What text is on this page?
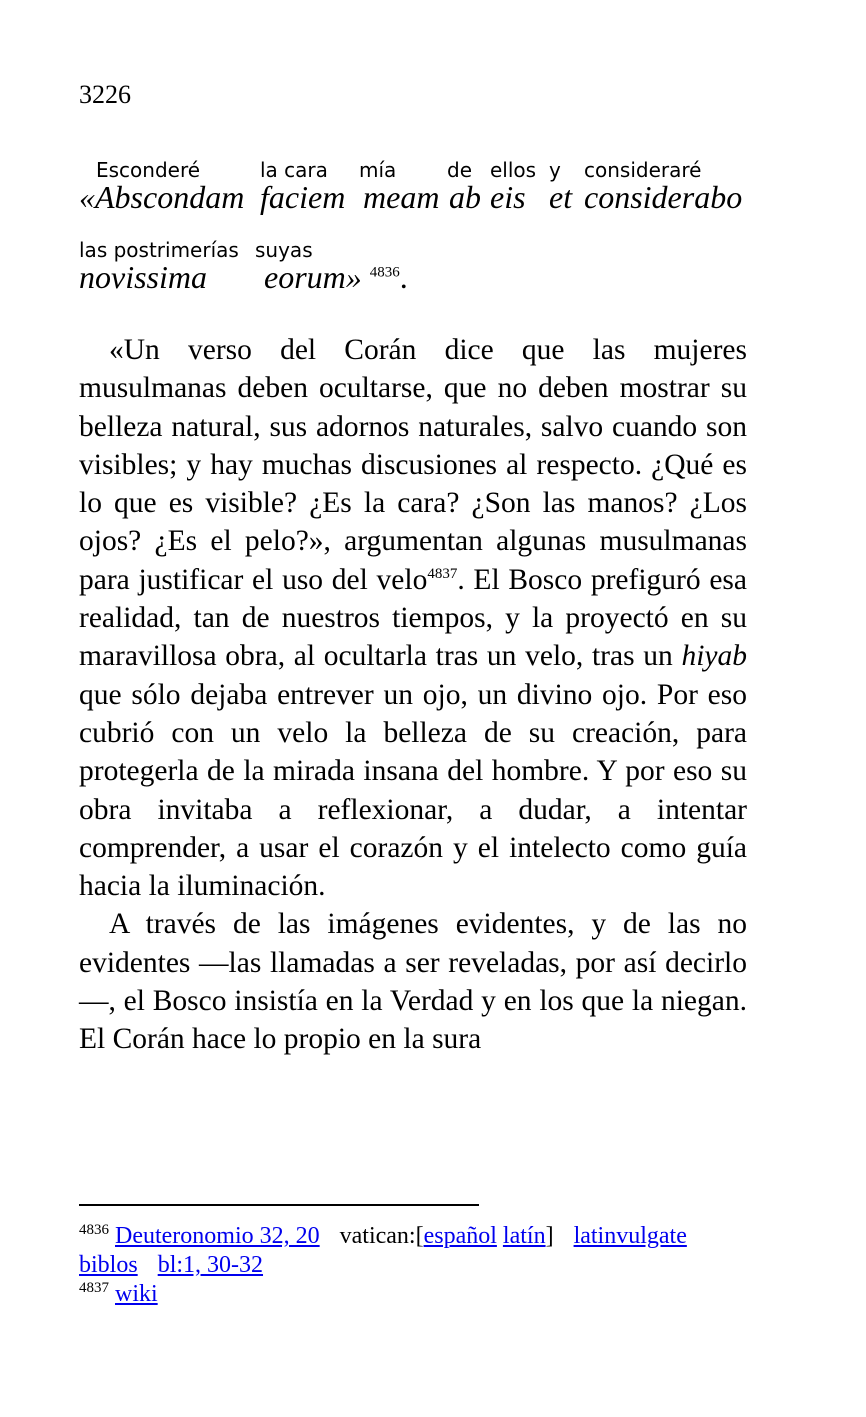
3226
Esconderé
«Abscondam
la cara
faciem
mía
meam
de
ab
ellos
eis
y
et
consideraré
considerabo
las postrimerías
novissima
suyas
eorum» $^{4836}$.

«Un verso del Corán dice que las mujeres musulmanas deben ocultarse, que no deben mostrar su belleza natural, sus adornos naturales, salvo cuando son visibles; y hay muchas discusiones al respecto. ¿Qué es lo que es visible? ¿Es la cara? ¿Son las manos? ¿Los ojos? ¿Es el pelo?», argumentan algunas musulmanas para justificar el uso del velo$^{4837}$. El Bosco prefiguró esa realidad, tan de nuestros tiempos, y la proyectó en su maravillosa obra, al ocultarla tras un velo, tras un hiyab que sólo dejaba entrever un ojo, un divino ojo. Por eso cubrió con un velo la belleza de su creación, para protegerla de la mirada insana del hombre. Y por eso su obra invitaba a reflexionar, a dudar, a intentar comprender, a usar el corazón y el intelecto como guía hacia la iluminación.

A través de las imágenes evidentes, y de las no evidentes —las llamadas a ser reveladas, por así decirlo—, el Bosco insistía en la Verdad y en los que la niegan. El Corán hace lo propio en la sura

$^{4836}$ Deuteronomio 32, 20 vatican:[español latín] latinvulgate
biblos bl:1, 30-32
$^{4837}$ wiki
